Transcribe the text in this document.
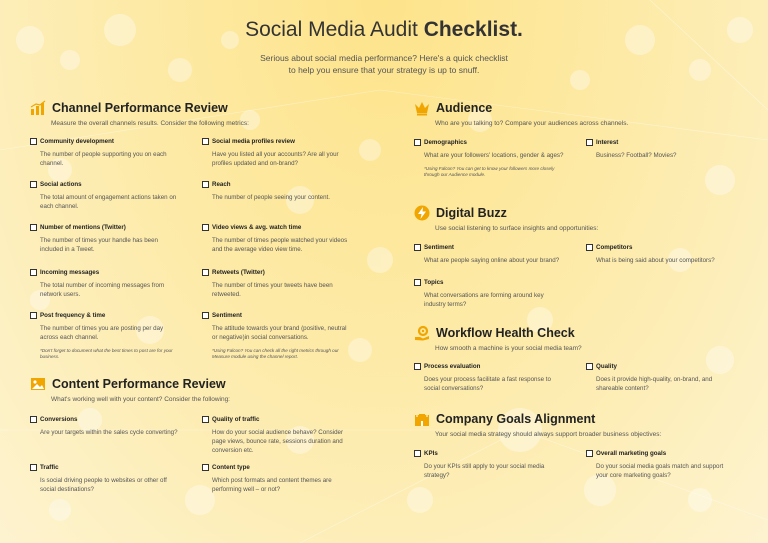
Social Media Audit Checklist.
Serious about social media performance? Here's a quick checklist
to help you ensure that your strategy is up to snuff.
Channel Performance Review
Measure the overall channels results. Consider the following metrics:
Community development
The number of people supporting you on each channel.
Social media profiles review
Have you listed all your accounts? Are all your profiles updated and on-brand?
Social actions
The total amount of engagement actions taken on each channel.
Reach
The number of people seeing your content.
Number of mentions (Twitter)
The number of times your handle has been included in a Tweet.
Video views & avg. watch time
The number of times people watched your videos and the average video view time.
Incoming messages
The total number of incoming messages from network users.
Retweets (Twitter)
The number of times your tweets have been retweeted.
Post frequency & time
The number of times you are posting per day across each channel.
*Don't forget to document what the best times to post are for your business.
Sentiment
The attitude towards your brand (positive, neutral or negative)in social conversations.
*Using Falcon? You can check all the right metrics through our Measure module using the channel report.
Content Performance Review
What's working well with your content? Consider the following:
Conversions
Are your targets within the sales cycle converting?
Quality of traffic
How do your social audience behave? Consider page views, bounce rate, sessions duration and conversion etc.
Traffic
Is social driving people to websites or other off social destinations?
Content type
Which post formats and content themes are performing well – or not?
Audience
Who are you talking to? Compare your audiences across channels.
Demographics
What are your followers' locations, gender & ages?
*Using Falcon? You can get to know your followers more closely through our Audience module.
Interest
Business? Football? Movies?
Digital Buzz
Use social listening to surface insights and opportunities:
Sentiment
What are people saying online about your brand?
Competitors
What is being said about your competitors?
Topics
What conversations are forming around key industry terms?
Workflow Health Check
How smooth a machine is your social media team?
Process evaluation
Does your process facilitate a fast response to social conversations?
Quality
Does it provide high-quality, on-brand, and shareable content?
Company Goals Alignment
Your social media strategy should always support broader business objectives:
KPIs
Do your KPIs still apply to your social media strategy?
Overall marketing goals
Do your social media goals match and support your core marketing goals?
